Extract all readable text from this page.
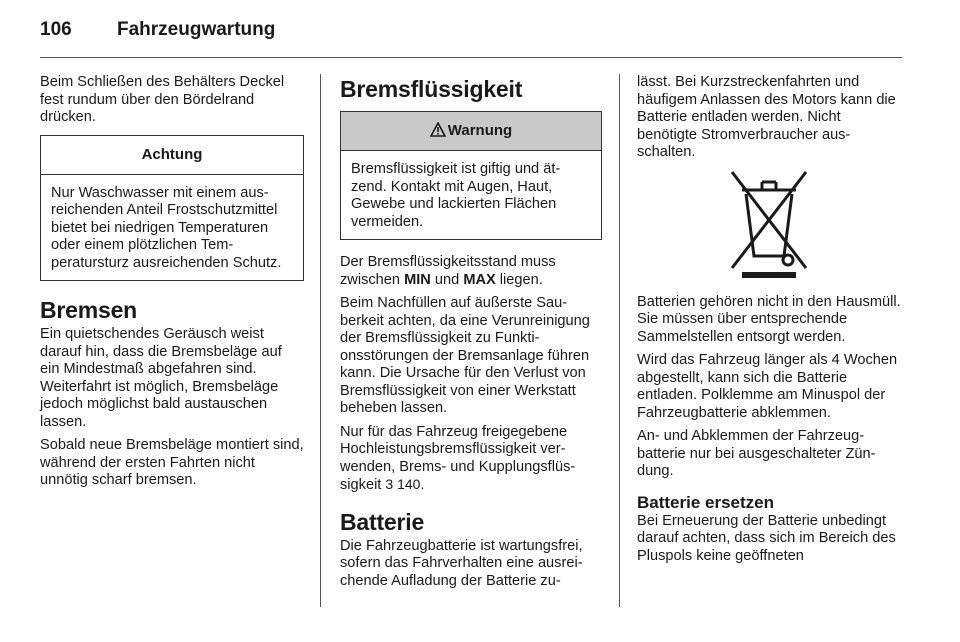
106 Fahrzeugwartung

Beim Schließen des Behälters Deckel fest rundum über den Bördelrand drücken.

Achtung

Nur Waschwasser mit einem ausreichenden Anteil Frostschutzmittel bietet bei niedrigen Temperaturen oder einem plötzlichen Temperatursturz ausreichenden Schutz.

Bremsen

Ein quietschendes Geräusch weist darauf hin, dass die Bremsbeläge auf ein Mindestmaß abgefahren sind. Weiterfahrt ist möglich, Bremsbeläge jedoch möglichst bald austauschen lassen.

Sobald neue Bremsbeläge montiert sind, während der ersten Fahrten nicht unnötig scharf bremsen.

Bremsflüssigkeit
Warnung

Bremsflüssigkeit ist giftig und ätzend. Kontakt mit Augen, Haut, Gewebe und lackierten Flächen vermeiden.

Der Bremsflüssigkeitsstand muss zwischen MIN und MAX liegen.

Beim Nachfüllen auf äußerste Sauberkeit achten, da eine Verunreinigung der Bremsflüssigkeit zu Funktionsstörungen der Bremsanlage führen kann. Die Ursache für den Verlust von Bremsflüssigkeit von einer Werkstatt beheben lassen.

Nur für das Fahrzeug freigegebene Hochleistungsbremsflüssigkeit verwenden, Brems- und Kupplungsflüssigkeit 3 140.

Batterie

Die Fahrzeugbatterie ist wartungsfrei, sofern das Fahrverhalten eine ausreichende Aufladung der Batterie zu-

lässt. Bei Kurzstreckenfahrten und häufigem Anlassen des Motors kann die Batterie entladen werden. Nicht benötigte Stromverbraucher ausschalten.

Batterien gehören nicht in den Hausmüll. Sie müssen über entsprechende Sammelstellen entsorgt werden.

Wird das Fahrzeug länger als 4 Wochen abgestellt, kann sich die Batterie entladen. Polklemme am Minuspol der Fahrzeugbatterie abklemmen.

An- und Abklemmen der Fahrzeugbatterie nur bei ausgeschalteter Zündung.

Batterie ersetzen

Bei Erneuerung der Batterie unbedingt darauf achten, dass sich im Bereich des Pluspols keine geöffneten
